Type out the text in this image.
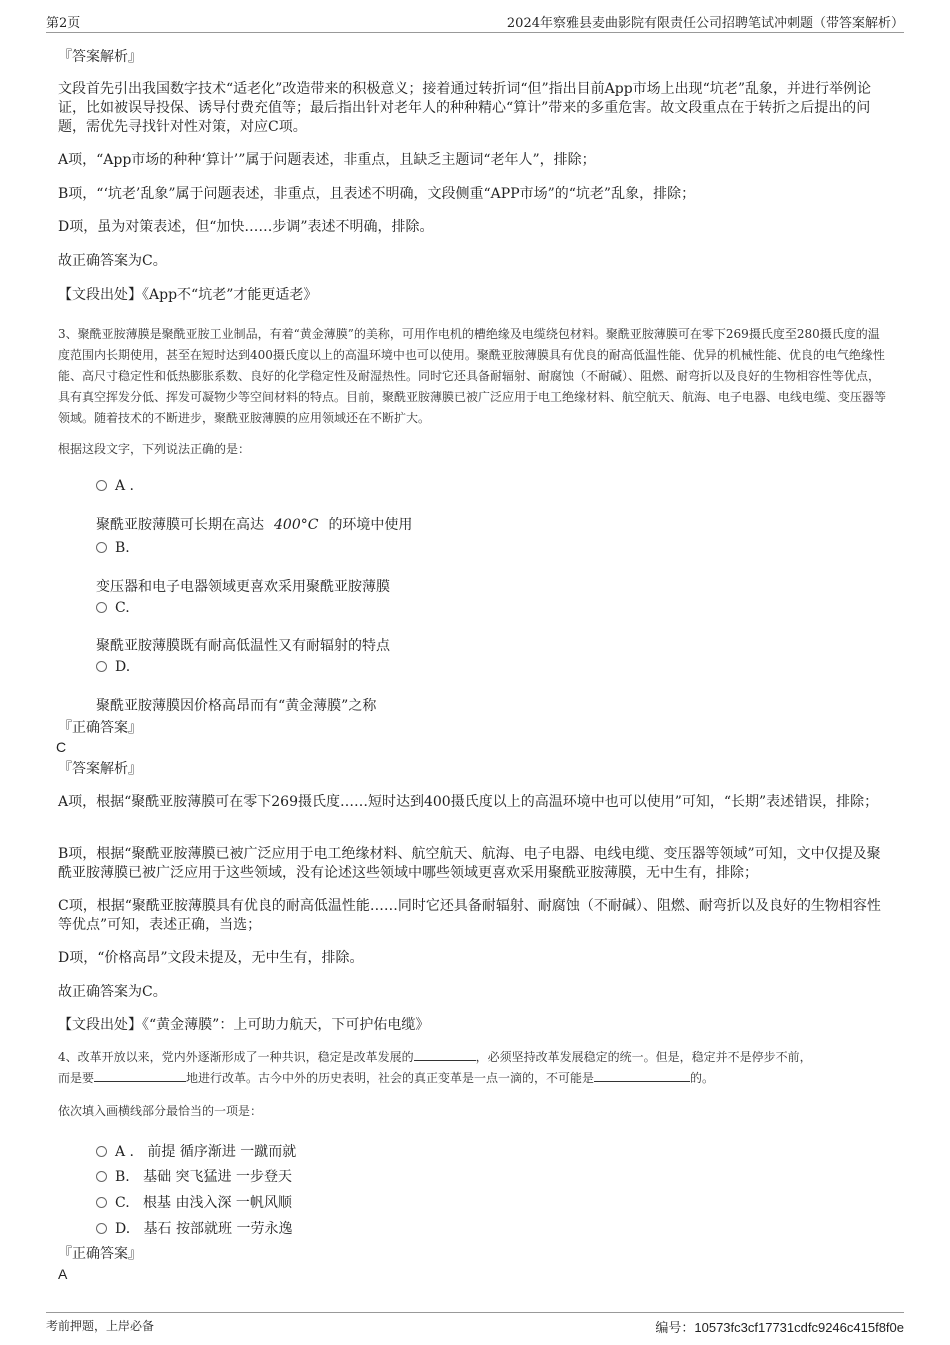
第2页	2024年察雅县麦曲影院有限责任公司招聘笔试冲刺题（带答案解析）
『答案解析』
文段首先引出我国数字技术“适老化”改造带来的积极意义；接着通过转折词“但”指出目前App市场上出现“坑老”乱象，并进行举例论证，比如被误导投保、诱导付费充值等；最后指出针对老年人的种种精心“算计”带来的多重危害。故文段重点在于转折之后提出的问题，需优先寻找针对性对策，对应C项。
A项，“App市场的种种‘算计’”属于问题表述，非重点，且缺乏主题词“老年人”，排除；
B项，“‘坑老’乱象”属于问题表述，非重点，且表述不明确，文段侧重“APP市场”的“坑老”乱象，排除；
D项，虽为对策表述，但“加快……步调”表述不明确，排除。
故正确答案为C。
【文段出处】《App不“坑老”才能更适老》
3、聚酰亚胺薄膜是聚酰亚胺工业制品，有着“黄金薄膜”的美称，可用作电机的槽绝缘及电缆绕包材料。聚酰亚胺薄膜可在零下269摄氏度至280摄氏度的温度范围内长期使用，甚至在短时达到400摄氏度以上的高温环境中也可以使用。聚酰亚胺薄膜具有优良的耐高低温性能、优异的机械性能、优良的电气绝缘性能、高尺寸稳定性和低热膨胀系数、良好的化学稳定性及耐湿热性。同时它还具备耐辐射、耐腐蚀（不耐碱）、阻燃、耐弯折以及良好的生物相容性等优点，具有真空挥发分低、挥发可凝物少等空间材料的特点。目前，聚酰亚胺薄膜已被广泛应用于电工绝缘材料、航空航天、航海、电子电器、电线电缆、变压器等领域。随着技术的不断进步，聚酰亚胺薄膜的应用领域还在不断扩大。
根据这段文字，下列说法正确的是：
A .
聚酰亚胺薄膜可长期在高达 400°C 的环境中使用
B.
变压器和电子电器领域更喜欢采用聚酰亚胺薄膜
C.
聚酰亚胺薄膜既有耐高低温性又有耐辐射的特点
D.
聚酰亚胺薄膜因价格高昂而有“黄金薄膜”之称
『正确答案』
C
『答案解析』
A项，根据“聚酰亚胺薄膜可在零下269摄氏度……短时达到400摄氏度以上的高温环境中也可以使用”可知，“长期”表述错误，排除；
B项，根据“聚酰亚胺薄膜已被广泛应用于电工绝缘材料、航空航天、航海、电子电器、电线电缆、变压器等领域”可知，文中仅提及聚酰亚胺薄膜已被广泛应用于这些领域，没有论述这些领域中哪些领域更喜欢采用聚酰亚胺薄膜，无中生有，排除；
C项，根据“聚酰亚胺薄膜具有优良的耐高低温性能……同时它还具备耐辐射、耐腐蚀（不耐碱）、阻燃、耐弯折以及良好的生物相容性等优点”可知，表述正确，当选；
D项，“价格高昂”文段未提及，无中生有，排除。
故正确答案为C。
【文段出处】《“黄金薄膜”：上可助力航天，下可护佑电缆》
4、改革开放以来，党内外逐渐形成了一种共识，稳定是改革发展的	，必须坚持改革发展稳定的统一。但是，稳定并不是停步不前，
而是要	地进行改革。古今中外的历史表明，社会的真正变革是一点一滴的，不可能是	的。
依次填入画横线部分最恰当的一项是：
A . 前提 循序渐进 一蹴而就
B. 基础 突飞猛进 一步登天
C. 根基 由浅入深 一帆风顺
D. 基石 按部就班 一劳永逸
『正确答案』
A
考前押题，上岸必备	编号：10573fc3cf17731cdfc9246c415f8f0e
